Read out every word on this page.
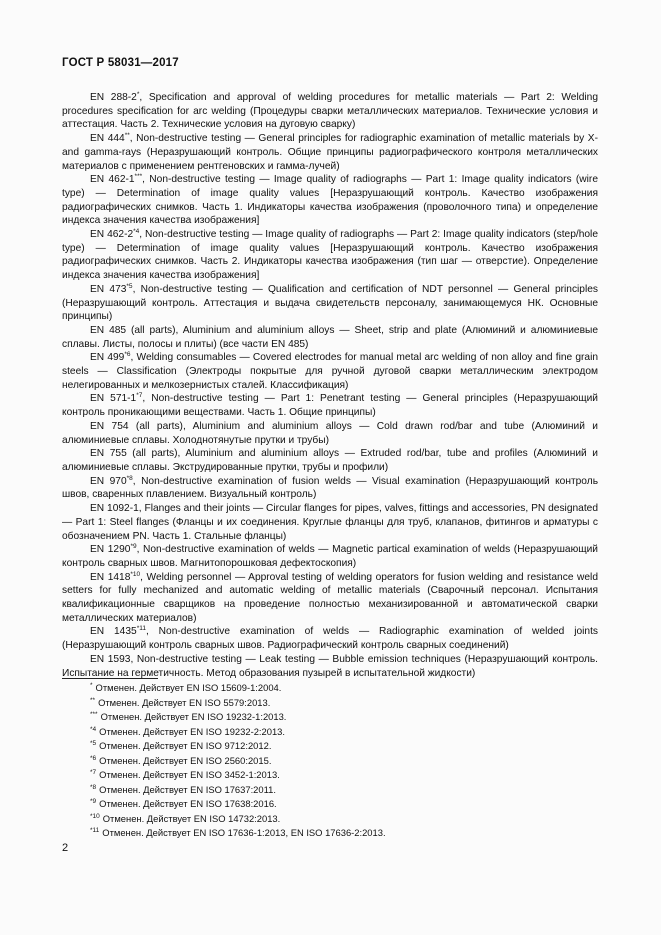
ГОСТ Р 58031—2017

EN 288-2*, Specification and approval of welding procedures for metallic materials — Part 2: Welding procedures specification for arc welding (Процедуры сварки металлических материалов. Технические условия и аттестация. Часть 2. Технические условия на дуговую сварку)

EN 444**, Non-destructive testing — General principles for radiographic examination of metallic materials by X- and gamma-rays (Неразрушающий контроль. Общие принципы радиографического контроля металлических материалов с применением рентгеновских и гамма-лучей)

EN 462-1***, Non-destructive testing — Image quality of radiographs — Part 1: Image quality indicators (wire type) — Determination of image quality values [Неразрушающий контроль. Качество изображения радиографических снимков. Часть 1. Индикаторы качества изображения (проволочного типа) и определение индекса значения качества изображения]

EN 462-2$^{*4}$, Non-destructive testing — Image quality of radiographs — Part 2: Image quality indicators (step/hole type) — Determination of image quality values [Неразрушающий контроль. Качество изображения радиографических снимков. Часть 2. Индикаторы качества изображения (тип шаг — отверстие). Определение индекса значения качества изображения]

EN 473$^{*5}$, Non-destructive testing — Qualification and certification of NDT personnel — General principles (Неразрушающий контроль. Аттестация и выдача свидетельств персоналу, занимающемуся НК. Основные принципы)

EN 485 (all parts), Aluminium and aluminium alloys — Sheet, strip and plate (Алюминий и алюминиевые сплавы. Листы, полосы и плиты) (все части EN 485)

EN 499$^{*6}$, Welding consumables — Covered electrodes for manual metal arc welding of non alloy and fine grain steels — Classification (Электроды покрытые для ручной дуговой сварки металлическим электродом нелегированных и мелкозернистых сталей. Классификация)

EN 571-1$^{*7}$, Non-destructive testing — Part 1: Penetrant testing — General principles (Неразрушающий контроль проникающими веществами. Часть 1. Общие принципы)

EN 754 (all parts), Aluminium and aluminium alloys — Cold drawn rod/bar and tube (Алюминий и алюминиевые сплавы. Холоднотянутые прутки и трубы)

EN 755 (all parts), Aluminium and aluminium alloys — Extruded rod/bar, tube and profiles (Алюминий и алюминиевые сплавы. Экструдированные прутки, трубы и профили)

EN 970$^{*8}$, Non-destructive examination of fusion welds — Visual examination (Неразрушающий контроль швов, сваренных плавлением. Визуальный контроль)

EN 1092-1, Flanges and their joints — Circular flanges for pipes, valves, fittings and accessories, PN designated — Part 1: Steel flanges (Фланцы и их соединения. Круглые фланцы для труб, клапанов, фитингов и арматуры с обозначением PN. Часть 1. Стальные фланцы)

EN 1290$^{*9}$, Non-destructive examination of welds — Magnetic partical examination of welds (Неразрушающий контроль сварных швов. Магнитопорошковая дефектоскопия)

EN 1418$^{*10}$, Welding personnel — Approval testing of welding operators for fusion welding and resistance weld setters for fully mechanized and automatic welding of metallic materials (Сварочный персонал. Испытания квалификационные сварщиков на проведение полностью механизированной и автоматической сварки металлических материалов)

EN 1435$^{*11}$, Non-destructive examination of welds — Radiographic examination of welded joints (Неразрушающий контроль сварных швов. Радиографический контроль сварных соединений)

EN 1593, Non-destructive testing — Leak testing — Bubble emission techniques (Неразрушающий контроль. Испытание на герметичность. Метод образования пузырей в испытательной жидкости)

* Отменен. Действует EN ISO 15609-1:2004.

** Отменен. Действует EN ISO 5579:2013.

*** Отменен. Действует EN ISO 19232-1:2013.

$^{*4}$ Отменен. Действует EN ISO 19232-2:2013.

$^{*5}$ Отменен. Действует EN ISO 9712:2012.

$^{*6}$ Отменен. Действует EN ISO 2560:2015.

$^{*7}$ Отменен. Действует EN ISO 3452-1:2013.

$^{*8}$ Отменен. Действует EN ISO 17637:2011.

$^{*9}$ Отменен. Действует EN ISO 17638:2016.

$^{*10}$ Отменен. Действует EN ISO 14732:2013.

$^{*11}$ Отменен. Действует EN ISO 17636-1:2013, EN ISO 17636-2:2013.

2
